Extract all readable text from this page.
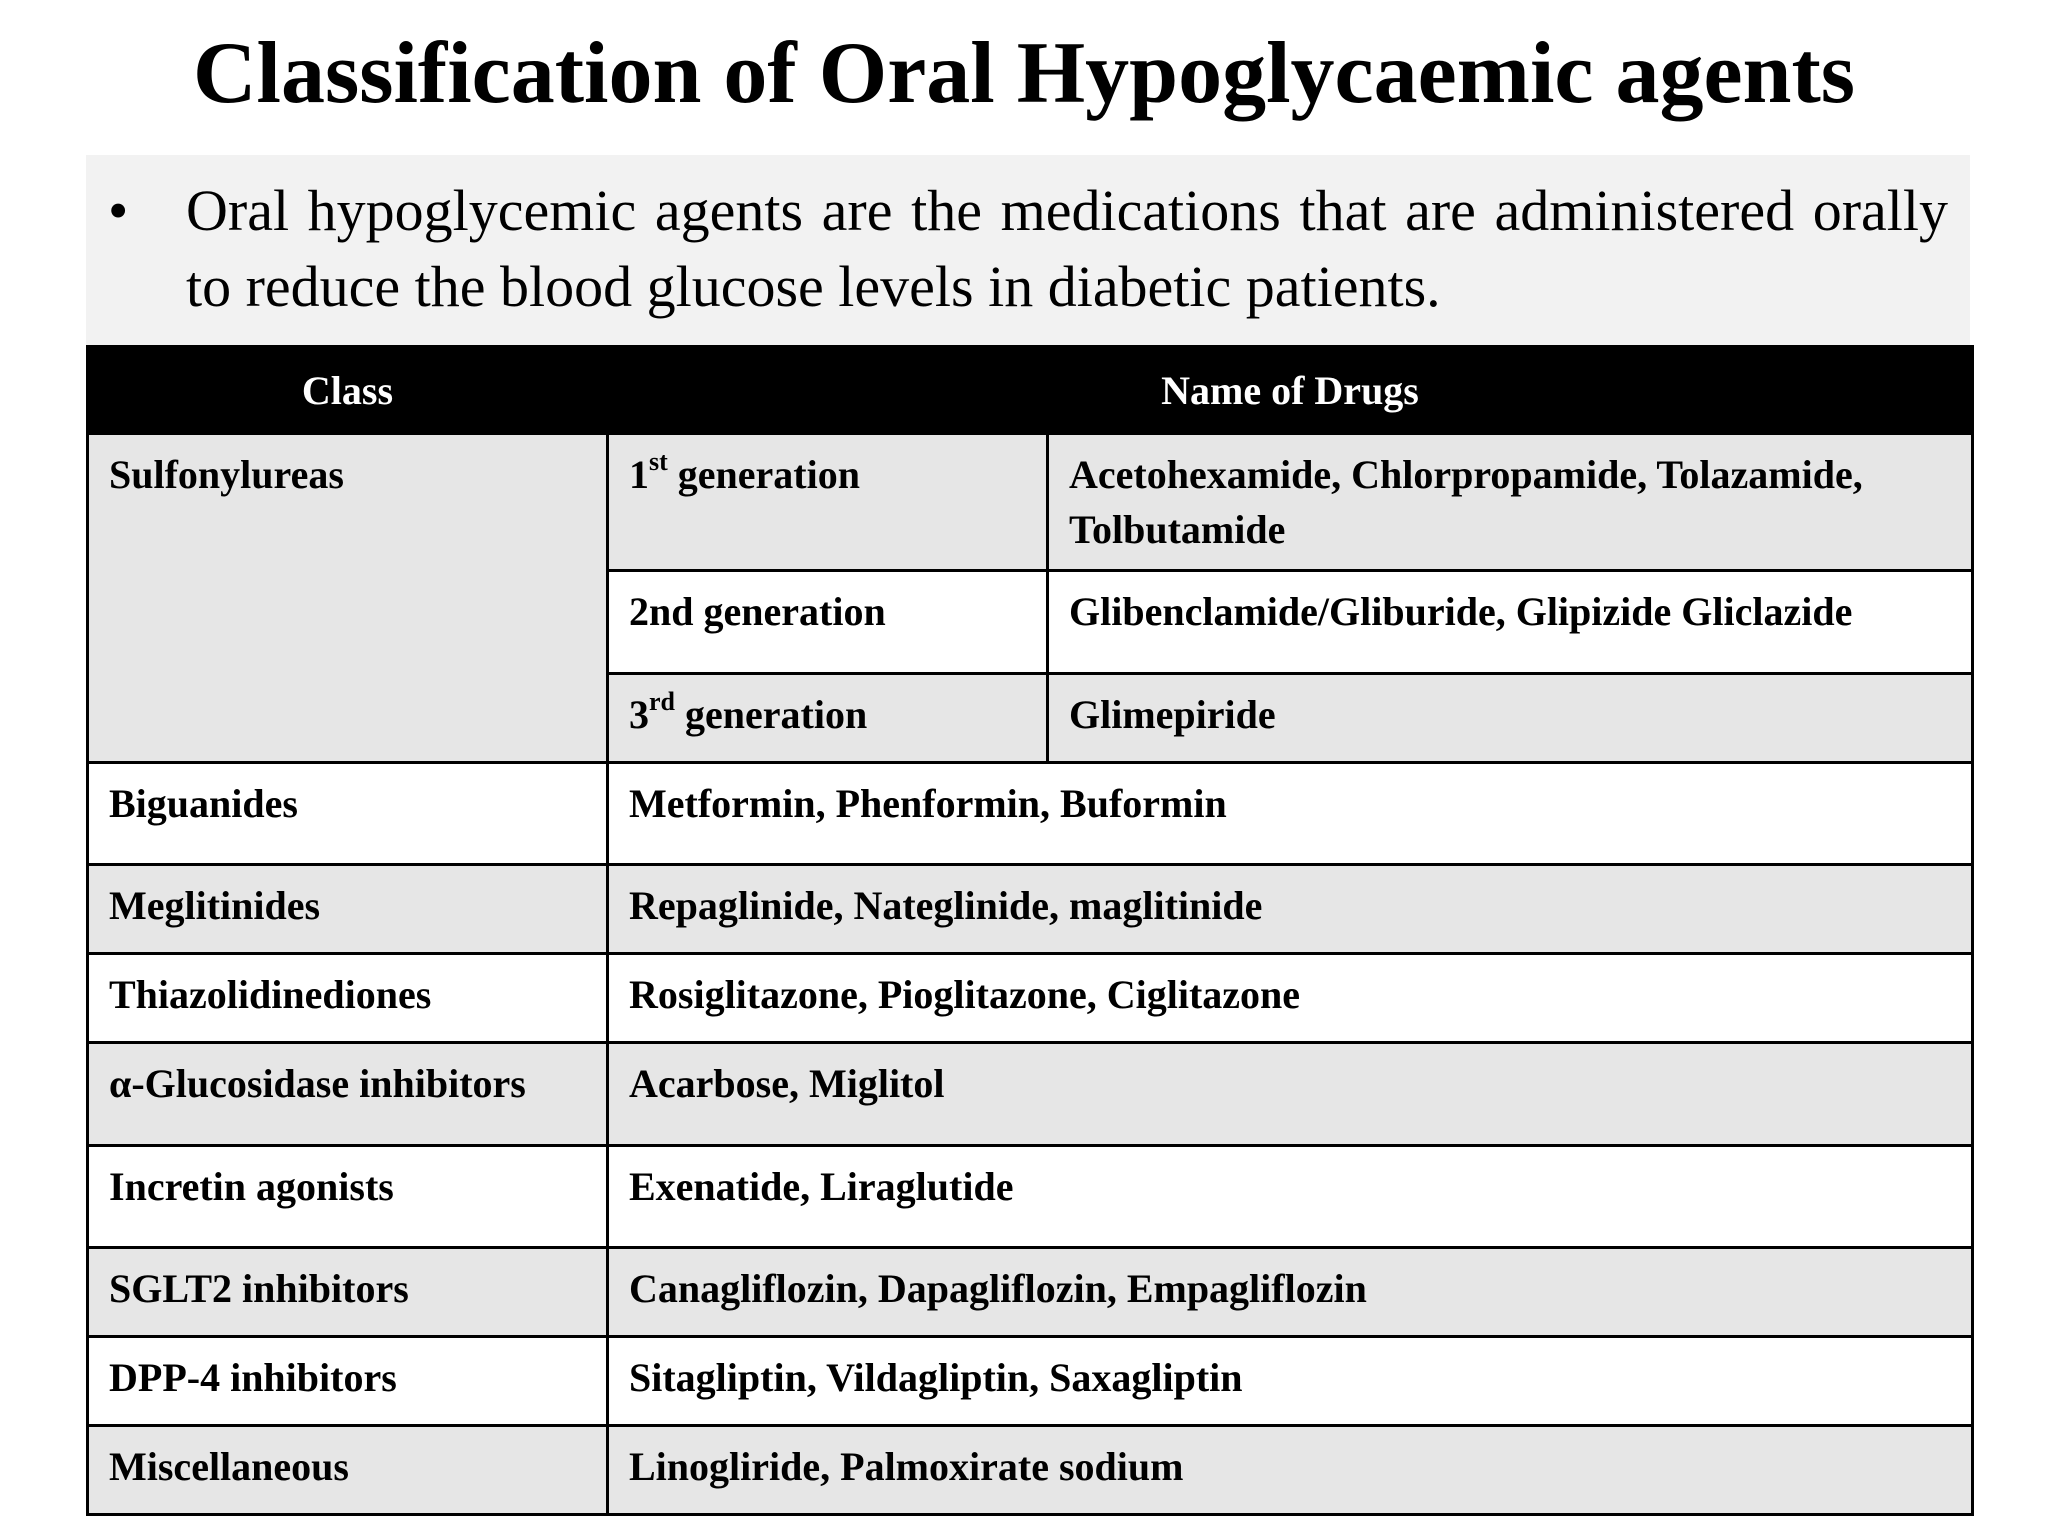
Classification of Oral Hypoglycaemic agents
• Oral hypoglycemic agents are the medications that are administered orally to reduce the blood glucose levels in diabetic patients.
Class	Name of Drugs	
Sulfonylureas	1st generation	Acetohexamide, Chlorpropamide, Tolazamide, Tolbutamide
	2nd generation	Glibenclamide/Gliburide, Glipizide Gliclazide
	3rd generation	Glimepiride
Biguanides	Metformin, Phenformin, Buformin	
Meglitinides	Repaglinide, Nateglinide, maglitinide	
Thiazolidinediones	Rosiglitazone, Pioglitazone, Ciglitazone	
α-Glucosidase inhibitors	Acarbose, Miglitol	
Incretin agonists	Exenatide, Liraglutide	
SGLT2 inhibitors	Canagliflozin, Dapagliflozin, Empagliflozin	
DPP-4 inhibitors	Sitagliptin, Vildagliptin, Saxagliptin	
Miscellaneous	Linogliride, Palmoxirate sodium	
